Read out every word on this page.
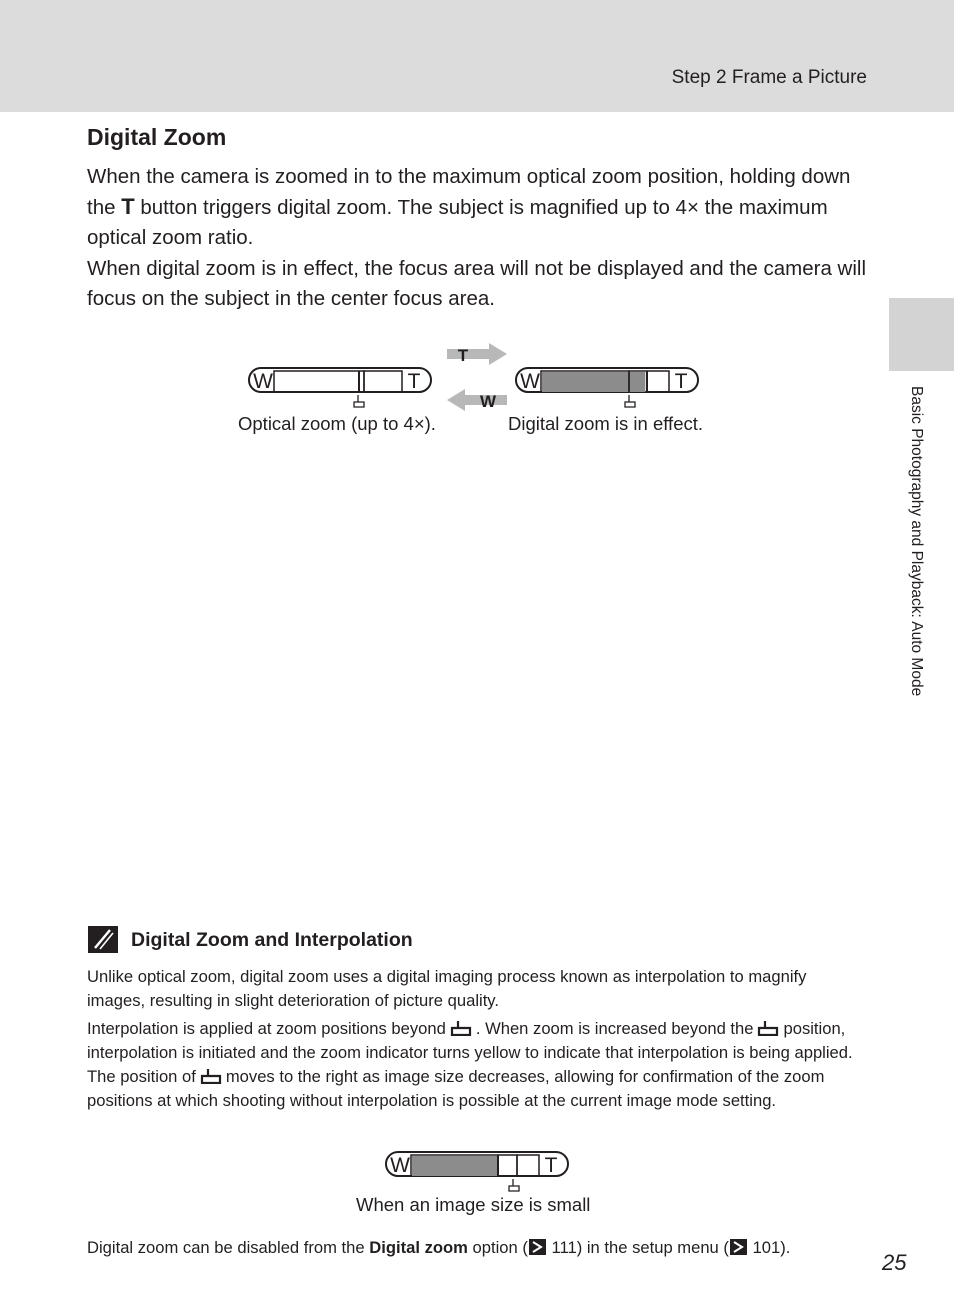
Step 2 Frame a Picture
Basic Photography and Playback: Auto Mode
Digital Zoom

When the camera is zoomed in to the maximum optical zoom position, holding down the T button triggers digital zoom. The subject is magnified up to 4× the maximum optical zoom ratio.

When digital zoom is in effect, the focus area will not be displayed and the camera will focus on the subject in the center focus area.

W	T
T
W
W	T
Optical zoom (up to 4×).	Digital zoom is in effect.
Digital Zoom and Interpolation

Unlike optical zoom, digital zoom uses a digital imaging process known as interpolation to magnify images, resulting in slight deterioration of picture quality.

Interpolation is applied at zoom positions beyond . When zoom is increased beyond the position, interpolation is initiated and the zoom indicator turns yellow to indicate that interpolation is being applied. The position of moves to the right as image size decreases, allowing for confirmation of the zoom positions at which shooting without interpolation is possible at the current image mode setting.

W	T
When an image size is small

Digital zoom can be disabled from the Digital zoom option ( 111) in the setup menu ( 101).

25
